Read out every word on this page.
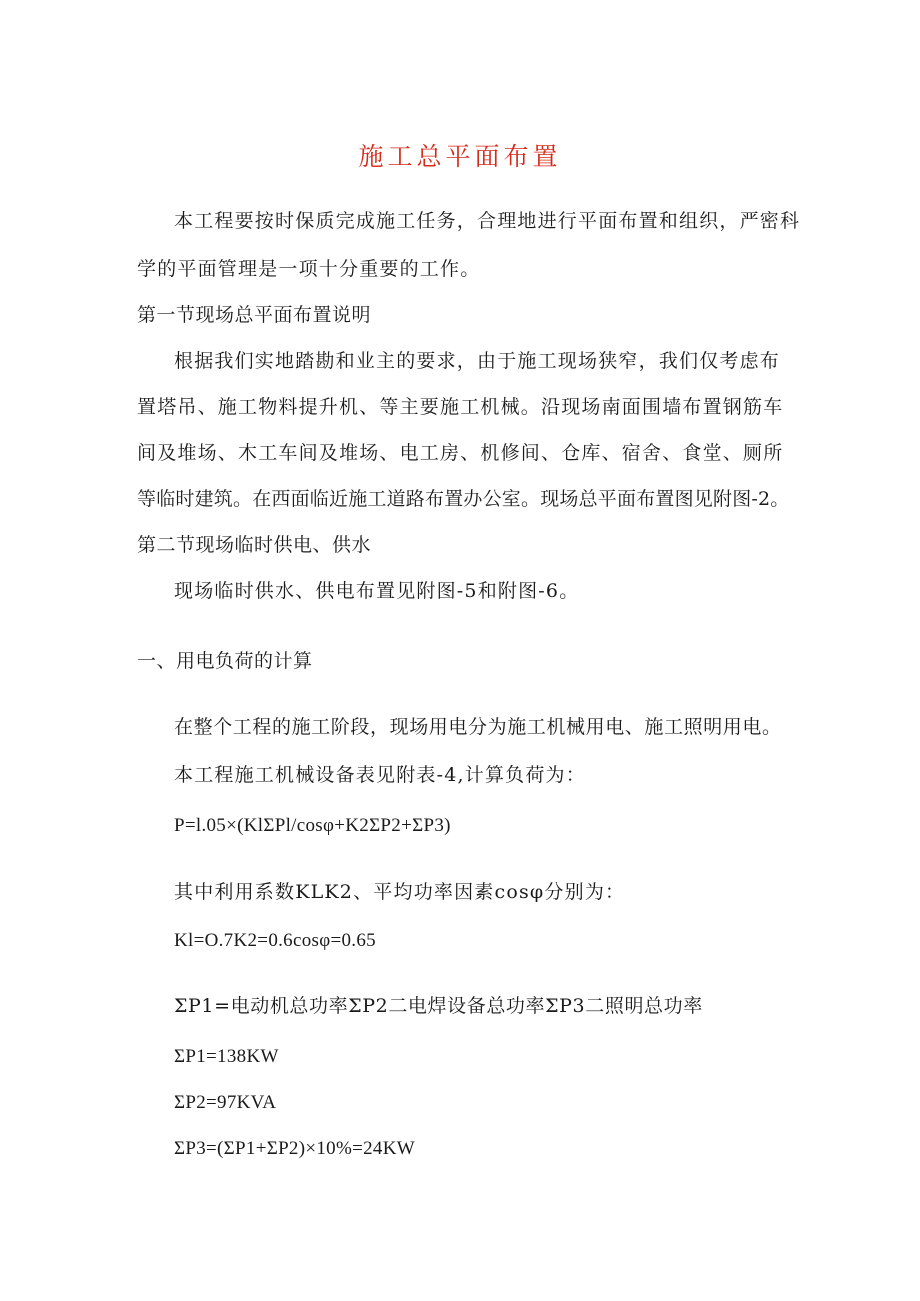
施工总平面布置
本工程要按时保质完成施工任务，合理地进行平面布置和组织，严密科
学的平面管理是一项十分重要的工作。
第一节现场总平面布置说明
根据我们实地踏勘和业主的要求，由于施工现场狭窄，我们仅考虑布
置塔吊、施工物料提升机、等主要施工机械。沿现场南面围墙布置钢筋车
间及堆场、木工车间及堆场、电工房、机修间、仓库、宿舍、食堂、厕所
等临时建筑。在西面临近施工道路布置办公室。现场总平面布置图见附图-2。
第二节现场临时供电、供水
现场临时供水、供电布置见附图-5和附图-6。
一、用电负荷的计算
在整个工程的施工阶段，现场用电分为施工机械用电、施工照明用电。
本工程施工机械设备表见附表-4,计算负荷为：
P=l.05×(KlΣPl/cosφ+K2ΣP2+ΣP3)
其中利用系数KLK2、平均功率因素cosφ分别为：
Kl=O.7K2=0.6cosφ=0.65
ΣP1=电动机总功率ΣP2二电焊设备总功率ΣP3二照明总功率
ΣP1=138KW
ΣP2=97KVA
ΣP3=(ΣP1+ΣP2)×10%=24KW
